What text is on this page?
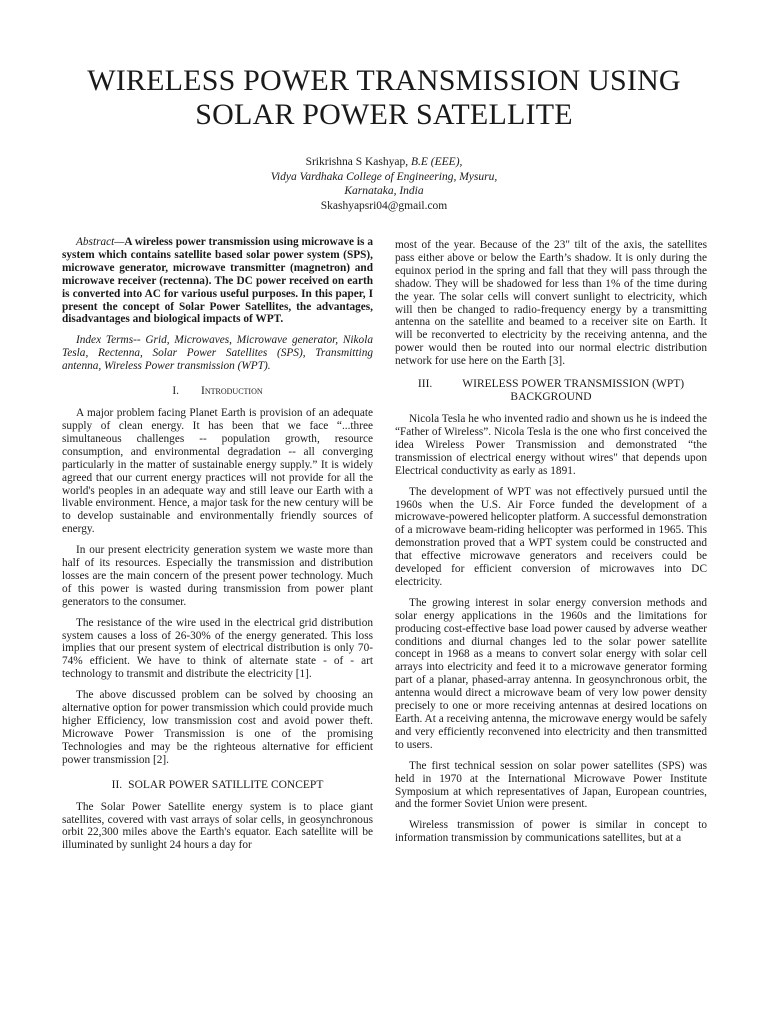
WIRELESS POWER TRANSMISSION USING SOLAR POWER SATELLITE
Srikrishna S Kashyap, B.E (EEE),
Vidya Vardhaka College of Engineering, Mysuru,
Karnataka, India
Skashyapsri04@gmail.com

Abstract—A wireless power transmission using microwave is a system which contains satellite based solar power system (SPS), microwave generator, microwave transmitter (magnetron) and microwave receiver (rectenna). The DC power received on earth is converted into AC for various useful purposes. In this paper, I present the concept of Solar Power Satellites, the advantages, disadvantages and biological impacts of WPT.

Index Terms-- Grid, Microwaves, Microwave generator, Nikola Tesla, Rectenna, Solar Power Satellites (SPS), Transmitting antenna, Wireless Power transmission (WPT).

I. Introduction

A major problem facing Planet Earth is provision of an adequate supply of clean energy. It has been that we face “...three simultaneous challenges -- population growth, resource consumption, and environmental degradation -- all converging particularly in the matter of sustainable energy supply.” It is widely agreed that our current energy practices will not provide for all the world's peoples in an adequate way and still leave our Earth with a livable environment. Hence, a major task for the new century will be to develop sustainable and environmentally friendly sources of energy.

In our present electricity generation system we waste more than half of its resources. Especially the transmission and distribution losses are the main concern of the present power technology. Much of this power is wasted during transmission from power plant generators to the consumer.

The resistance of the wire used in the electrical grid distribution system causes a loss of 26-30% of the energy generated. This loss implies that our present system of electrical distribution is only 70-74% efficient. We have to think of alternate state - of - art technology to transmit and distribute the electricity [1].

The above discussed problem can be solved by choosing an alternative option for power transmission which could provide much higher Efficiency, low transmission cost and avoid power theft. Microwave Power Transmission is one of the promising Technologies and may be the righteous alternative for efficient power transmission [2].

II. SOLAR POWER SATILLITE CONCEPT

The Solar Power Satellite energy system is to place giant satellites, covered with vast arrays of solar cells, in geosynchronous orbit 22,300 miles above the Earth's equator. Each satellite will be illuminated by sunlight 24 hours a day for

most of the year. Because of the 23" tilt of the axis, the satellites pass either above or below the Earth’s shadow. It is only during the equinox period in the spring and fall that they will pass through the shadow. They will be shadowed for less than 1% of the time during the year. The solar cells will convert sunlight to electricity, which will then be changed to radio-frequency energy by a transmitting antenna on the satellite and beamed to a receiver site on Earth. It will be reconverted to electricity by the receiving antenna, and the power would then be routed into our normal electric distribution network for use here on the Earth [3].

III.	WIRELESS POWER TRANSMISSION (WPT) BACKGROUND

Nicola Tesla he who invented radio and shown us he is indeed the “Father of Wireless”. Nicola Tesla is the one who first conceived the idea Wireless Power Transmission and demonstrated “the transmission of electrical energy without wires" that depends upon Electrical conductivity as early as 1891.

The development of WPT was not effectively pursued until the 1960s when the U.S. Air Force funded the development of a microwave-powered helicopter platform. A successful demonstration of a microwave beam-riding helicopter was performed in 1965. This demonstration proved that a WPT system could be constructed and that effective microwave generators and receivers could be developed for efficient conversion of microwaves into DC electricity.

The growing interest in solar energy conversion methods and solar energy applications in the 1960s and the limitations for producing cost-effective base load power caused by adverse weather conditions and diurnal changes led to the solar power satellite concept in 1968 as a means to convert solar energy with solar cell arrays into electricity and feed it to a microwave generator forming part of a planar, phased-array antenna. In geosynchronous orbit, the antenna would direct a microwave beam of very low power density precisely to one or more receiving antennas at desired locations on Earth. At a receiving antenna, the microwave energy would be safely and very efficiently reconvened into electricity and then transmitted to users.

The first technical session on solar power satellites (SPS) was held in 1970 at the International Microwave Power Institute Symposium at which representatives of Japan, European countries, and the former Soviet Union were present.

Wireless transmission of power is similar in concept to information transmission by communications satellites, but at a
